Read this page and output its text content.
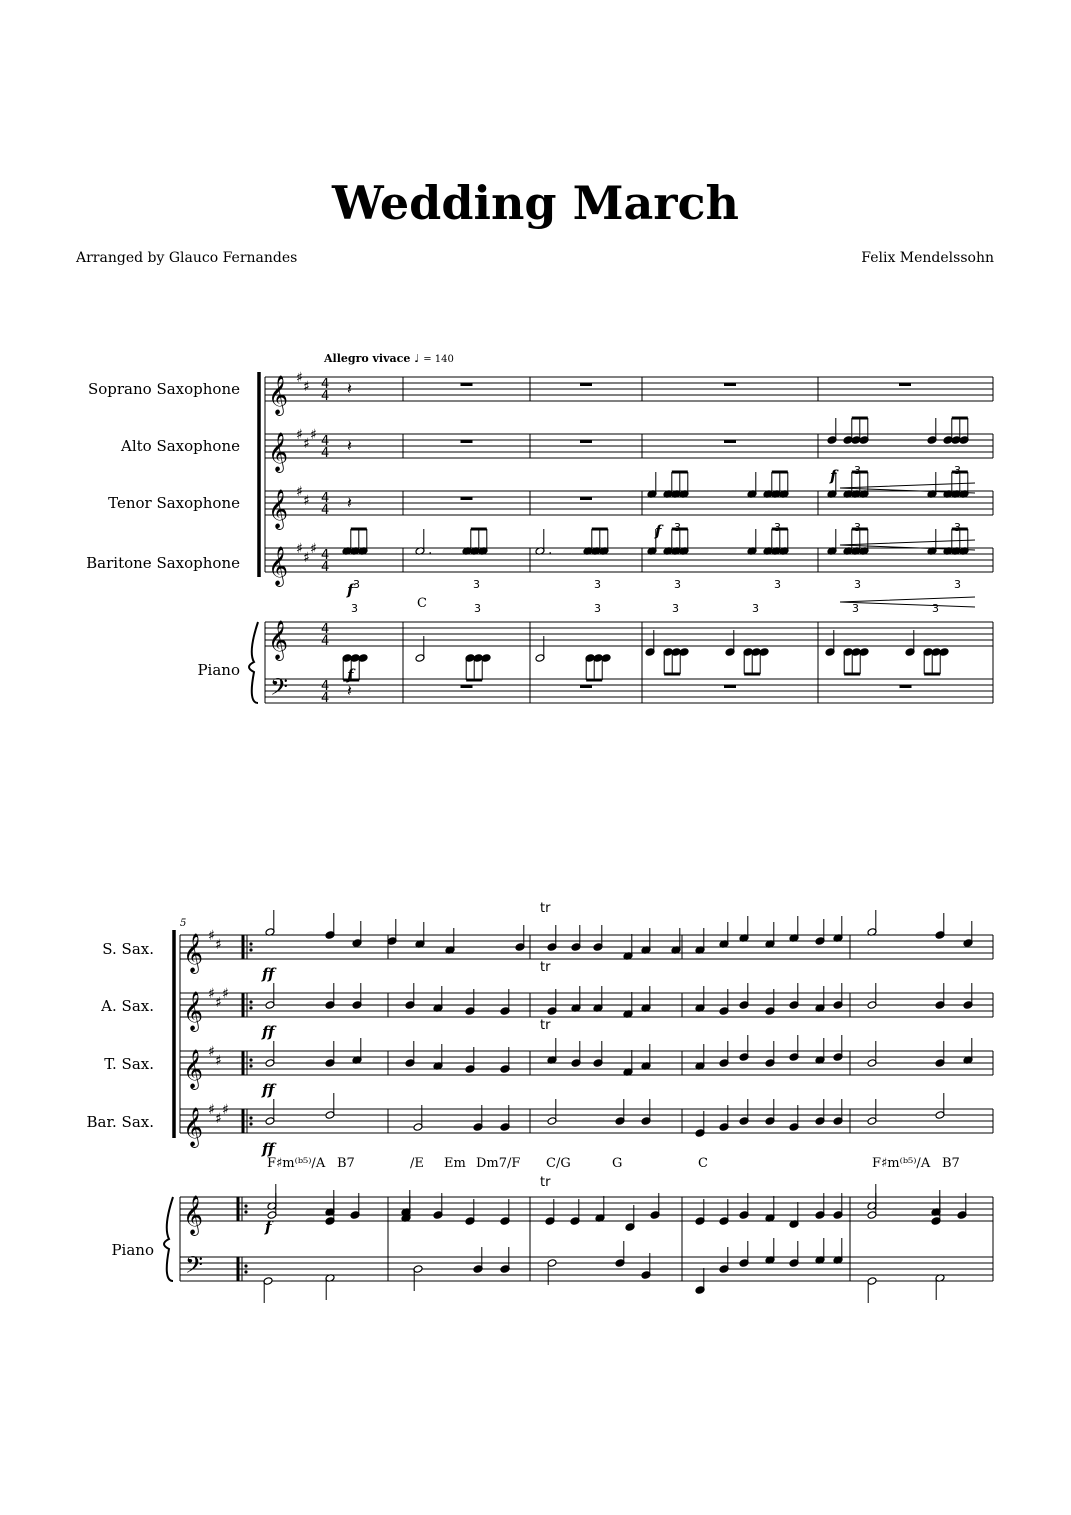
Wedding March
Arranged by Glauco Fernandes	Felix Mendelssohn
Allegro vivace ♩ = 140
Soprano Saxophone
Alto Saxophone
Tenor Saxophone
Baritone Saxophone
Piano
S. Sax.
A. Sax.
T. Sax.
Bar. Sax.
Piano
5
C
F♯m⁽ᵇ⁵⁾/A B7	/E Em Dm7/F C/G	G	C	F♯m⁽ᵇ⁵⁾/A B7
f
f
f
f
ff
ff
ff
ff
f
𝄞 ♯
♯ 4
4
𝄞 ♯
♯
♯ 4
4
𝄞 ♯
♯ 4
4
𝄞 ♯
♯
♯ 4
4
𝄞
𝄢
4
4
4
4
𝄽
𝄽
𝄽
𝄽
3
.
3
.
3	3	3	3	3
3	3	3	3
3	3
3	3	3	3	3	3	3
𝄞 ♯
♯
𝄞 ♯
♯
♯
𝄞 ♯
♯
𝄞 ♯
♯
♯
𝄞
𝄢
tr
tr
tr
tr
